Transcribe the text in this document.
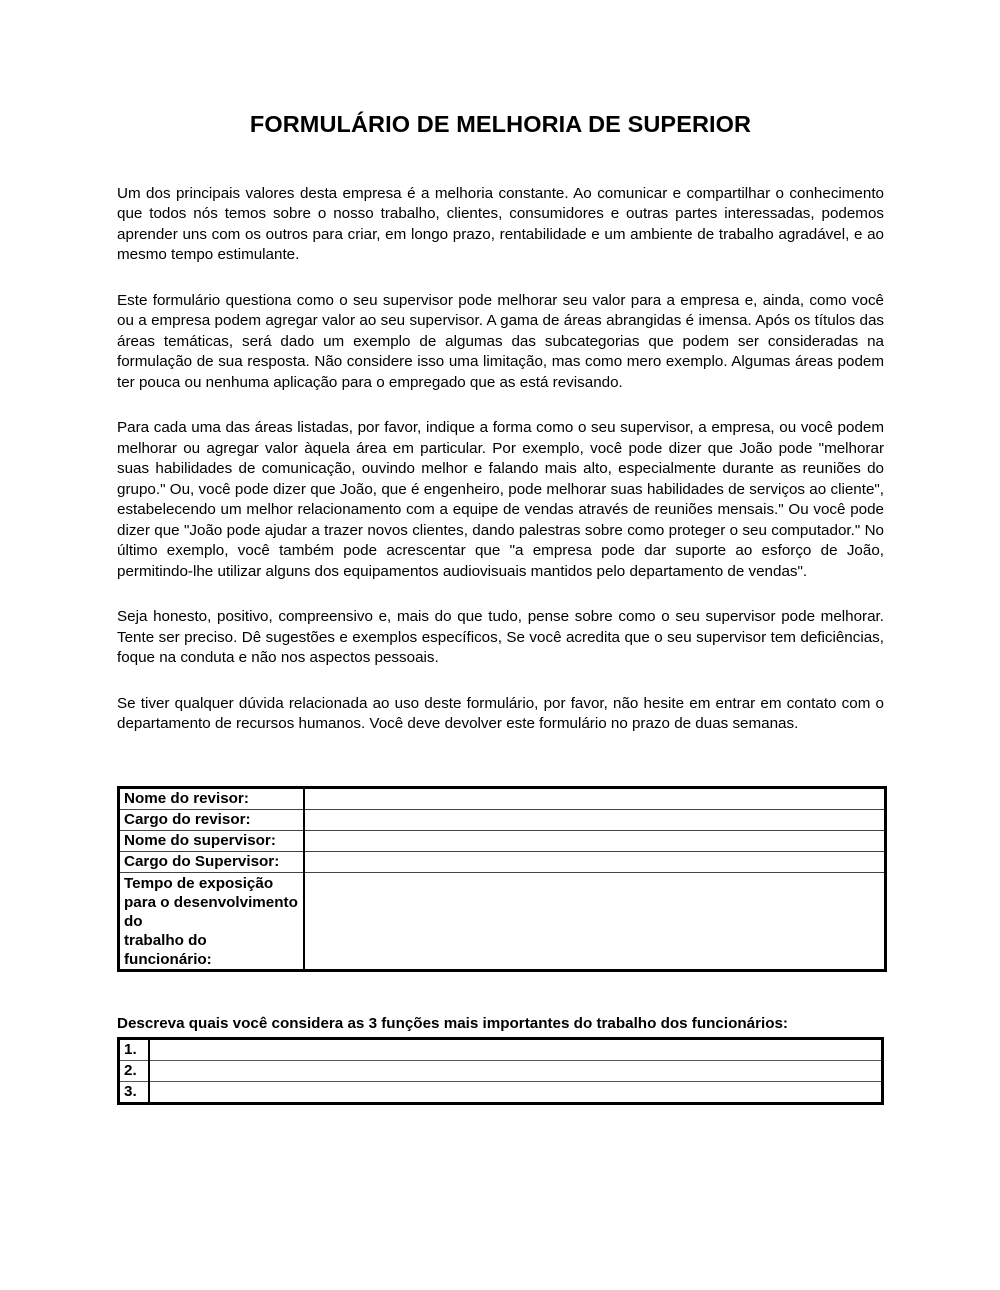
FORMULÁRIO DE MELHORIA DE SUPERIOR

Um dos principais valores desta empresa é a melhoria constante. Ao comunicar e compartilhar o conhecimento que todos nós temos sobre o nosso trabalho, clientes, consumidores e outras partes interessadas, podemos aprender uns com os outros para criar, em longo prazo, rentabilidade e um ambiente de trabalho agradável, e ao mesmo tempo estimulante.

Este formulário questiona como o seu supervisor pode melhorar seu valor para a empresa e, ainda, como você ou a empresa podem agregar valor ao seu supervisor. A gama de áreas abrangidas é imensa. Após os títulos das áreas temáticas, será dado um exemplo de algumas das subcategorias que podem ser consideradas na formulação de sua resposta. Não considere isso uma limitação, mas como mero exemplo. Algumas áreas podem ter pouca ou nenhuma aplicação para o empregado que as está revisando.

Para cada uma das áreas listadas, por favor, indique a forma como o seu supervisor, a empresa, ou você podem melhorar ou agregar valor àquela área em particular. Por exemplo, você pode dizer que João pode "melhorar suas habilidades de comunicação, ouvindo melhor e falando mais alto, especialmente durante as reuniões do grupo." Ou, você pode dizer que João, que é engenheiro, pode melhorar suas habilidades de serviços ao cliente", estabelecendo um melhor relacionamento com a equipe de vendas através de reuniões mensais." Ou você pode dizer que "João pode ajudar a trazer novos clientes, dando palestras sobre como proteger o seu computador." No último exemplo, você também pode acrescentar que "a empresa pode dar suporte ao esforço de João, permitindo-lhe utilizar alguns dos equipamentos audiovisuais mantidos pelo departamento de vendas".

Seja honesto, positivo, compreensivo e, mais do que tudo, pense sobre como o seu supervisor pode melhorar. Tente ser preciso. Dê sugestões e exemplos específicos, Se você acredita que o seu supervisor tem deficiências, foque na conduta e não nos aspectos pessoais.

Se tiver qualquer dúvida relacionada ao uso deste formulário, por favor, não hesite em entrar em contato com o departamento de recursos humanos. Você deve devolver este formulário no prazo de duas semanas.

Nome do revisor:	
Cargo do revisor:	
Nome do supervisor:	
Cargo do Supervisor:	
Tempo de exposição para o desenvolvimento do
trabalho do funcionário:	
Descreva quais você considera as 3 funções mais importantes do trabalho dos funcionários:
1.	
2.	
3.	
